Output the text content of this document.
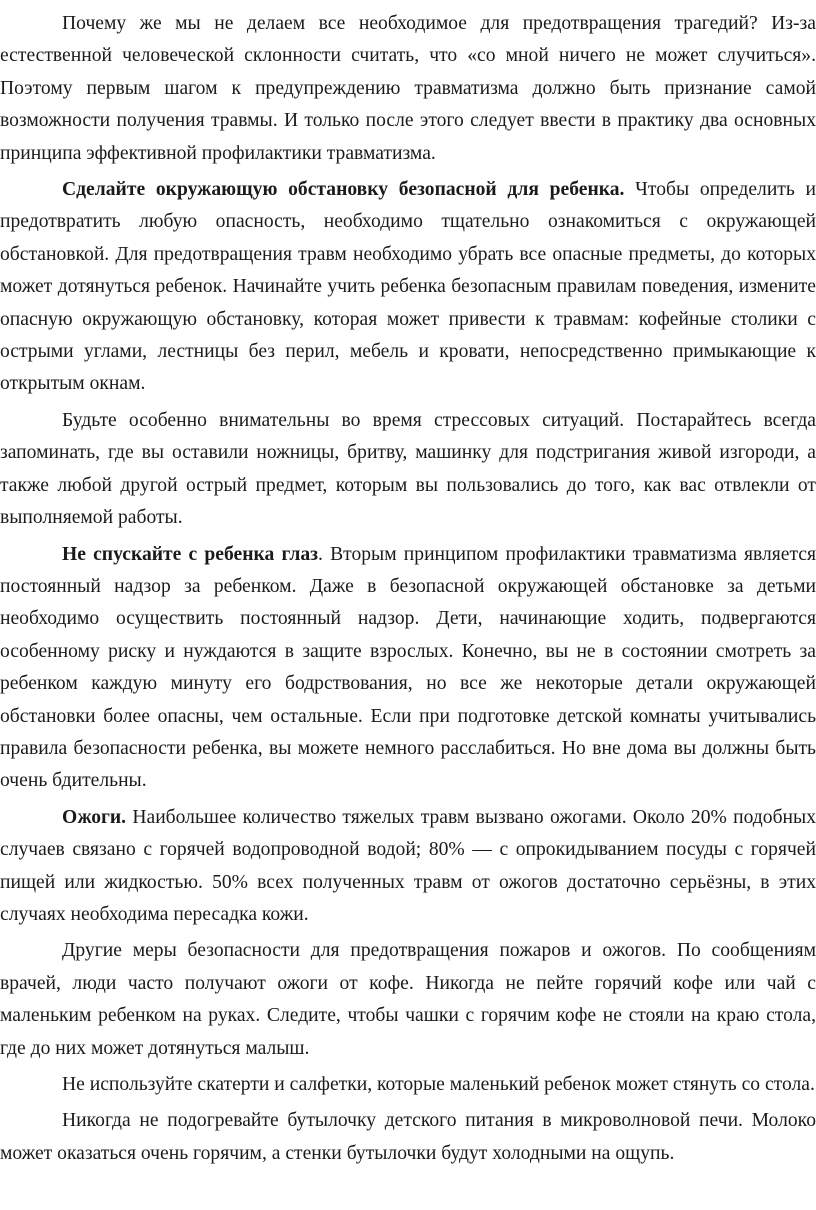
Почему же мы не делаем все необходимое для предотвращения трагедий? Из-за естественной человеческой склонности считать, что «со мной ничего не может случиться». Поэтому первым шагом к предупреждению травматизма должно быть признание самой возможности получения травмы. И только после этого следует ввести в практику два основных принципа эффективной профилактики травматизма.

Сделайте окружающую обстановку безопасной для ребенка. Чтобы определить и предотвратить любую опасность, необходимо тщательно ознакомиться с окружающей обстановкой. Для предотвращения травм необходимо убрать все опасные предметы, до которых может дотянуться ребенок. Начинайте учить ребенка безопасным правилам поведения, измените опасную окружающую обстановку, которая может привести к травмам: кофейные столики с острыми углами, лестницы без перил, мебель и кровати, непосредственно примыкающие к открытым окнам.

Будьте особенно внимательны во время стрессовых ситуаций. Постарайтесь всегда запоминать, где вы оставили ножницы, бритву, машинку для подстригания живой изгороди, а также любой другой острый предмет, которым вы пользовались до того, как вас отвлекли от выполняемой работы.

Не спускайте с ребенка глаз. Вторым принципом профилактики травматизма является постоянный надзор за ребенком. Даже в безопасной окружающей обстановке за детьми необходимо осуществить постоянный надзор. Дети, начинающие ходить, подвергаются особенному риску и нуждаются в защите взрослых. Конечно, вы не в состоянии смотреть за ребенком каждую минуту его бодрствования, но все же некоторые детали окружающей обстановки более опасны, чем остальные. Если при подготовке детской комнаты учитывались правила безопасности ребенка, вы можете немного расслабиться. Но вне дома вы должны быть очень бдительны.

Ожоги. Наибольшее количество тяжелых травм вызвано ожогами. Около 20% подобных случаев связано с горячей водопроводной водой; 80% — с опрокидыванием посуды с горячей пищей или жидкостью. 50% всех полученных травм от ожогов достаточно серьёзны, в этих случаях необходима пересадка кожи.

Другие меры безопасности для предотвращения пожаров и ожогов. По сообщениям врачей, люди часто получают ожоги от кофе. Никогда не пейте горячий кофе или чай с маленьким ребенком на руках. Следите, чтобы чашки с горячим кофе не стояли на краю стола, где до них может дотянуться малыш.

Не используйте скатерти и салфетки, которые маленький ребенок может стянуть со стола.

Никогда не подогревайте бутылочку детского питания в микроволновой печи. Молоко может оказаться очень горячим, а стенки бутылочки будут холодными на ощупь.
